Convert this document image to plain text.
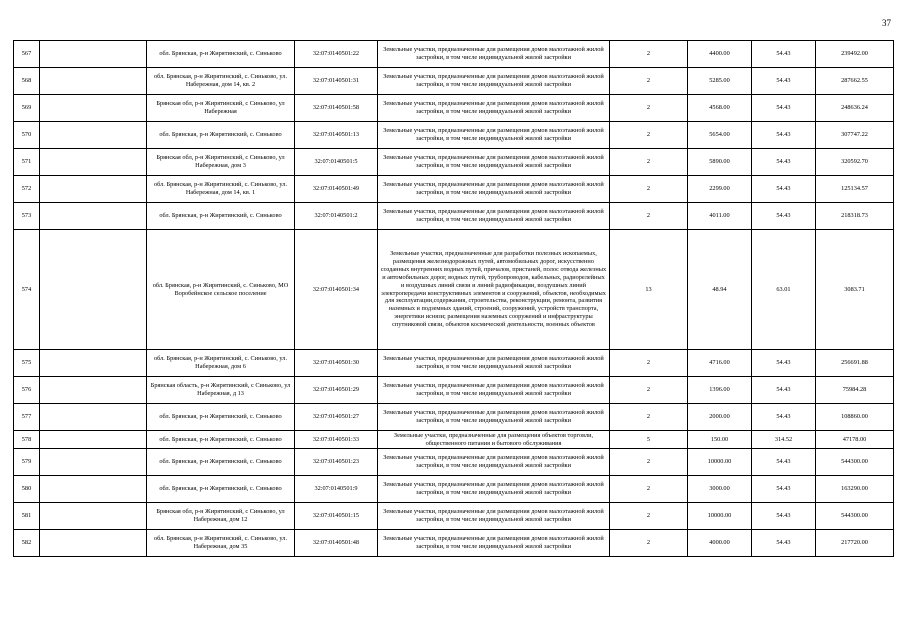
37
567		обл. Брянская, р-н Жирятинский, с. Синьково	32:07:0140501:22	Земельные участки, предназначенные для размещения домов малоэтажной жилой застройки, в том числе индивидуальной жилой застройки	2	4400.00	54.43	239492.00
568		обл. Брянская, р-н Жирятинский, с. Синьково, ул. Набережная, дом 14, кв. 2	32:07:0140501:31	Земельные участки, предназначенные для размещения домов малоэтажной жилой застройки, в том числе индивидуальной жилой застройки	2	5285.00	54.43	287662.55
569		Брянская обл, р-н Жирятинский, с Синьково, ул Набережная	32:07:0140501:58	Земельные участки, предназначенные для размещения домов малоэтажной жилой застройки, в том числе индивидуальной жилой застройки	2	4568.00	54.43	248636.24
570		обл. Брянская, р-н Жирятинский, с. Синьково	32:07:0140501:13	Земельные участки, предназначенные для размещения домов малоэтажной жилой застройки, в том числе индивидуальной жилой застройки	2	5654.00	54.43	307747.22
571		Брянская обл, р-н Жирятинский, с Синьково, ул Набережная, дом 3	32:07:0140501:5	Земельные участки, предназначенные для размещения домов малоэтажной жилой застройки, в том числе индивидуальной жилой застройки	2	5890.00	54.43	320592.70
572		обл. Брянская, р-н Жирятинский, с. Синьково, ул. Набережная, дом 14, кв. 1	32:07:0140501:49	Земельные участки, предназначенные для размещения домов малоэтажной жилой застройки, в том числе индивидуальной жилой застройки	2	2299.00	54.43	125134.57
573		обл. Брянская, р-н Жирятинский, с. Синьково	32:07:0140501:2	Земельные участки, предназначенные для размещения домов малоэтажной жилой застройки, в том числе индивидуальной жилой застройки	2	4011.00	54.43	218318.73
574		обл. Брянская, р-н Жирятинский, с. Синьково, МО Воробейнское сельское поселение	32:07:0140501:34	Земельные участки, предназначенные для разработки полезных ископаемых, размещения железнодорожных путей, автомобильных дорог, искусственно созданных внутренних водных путей, причалов, пристаней, полос отвода железных и автомобильных дорог, водных путей, трубопроводов, кабельных, радиорелейных и воздушных линий связи и линий радиофикации, воздушных линий электропередачи конструктивных элементов и сооружений, объектов, необходимых для эксплуатации,содержания, строительства, реконструкции, ремонта, развития наземных и подземных зданий, строений, сооружений, устройств транспорта, энергетики иснязи; размещения наземных сооружений и инфраструктуры спутниковой связи, объектов космической деятельности, военных объектов	13	48.94	63.01	3083.71
575		обл. Брянская, р-н Жирятинский, с. Синьково, ул. Набережная, дом 6	32:07:0140501:30	Земельные участки, предназначенные для размещения домов малоэтажной жилой застройки, в том числе индивидуальной жилой застройки	2	4716.00	54.43	256691.88
576		Брянская область, р-н Жирятинский, с Синьково, ул Набережная, д 13	32:07:0140501:29	Земельные участки, предназначенные для размещения домов малоэтажной жилой застройки, в том числе индивидуальной жилой застройки	2	1396.00	54.43	75984.28
577		обл. Брянская, р-н Жирятинский, с. Синьково	32:07:0140501:27	Земельные участки, предназначенные для размещения домов малоэтажной жилой застройки, в том числе индивидуальной жилой застройки	2	2000.00	54.43	108860.00
578		обл. Брянская, р-н Жирятинский, с. Синьково	32:07:0140501:33	Земельные участки, предназначенные для размещения объектов торговли, общественного питания и бытового обслуживания	5	150.00	314.52	47178.00
579		обл. Брянская, р-н Жирятинский, с. Синьково	32:07:0140501:23	Земельные участки, предназначенные для размещения домов малоэтажной жилой застройки, в том числе индивидуальной жилой застройки	2	10000.00	54.43	544300.00
580		обл. Брянская, р-н Жирятинский, с. Синьково	32:07:0140501:9	Земельные участки, предназначенные для размещения домов малоэтажной жилой застройки, в том числе индивидуальной жилой застройки	2	3000.00	54.43	163290.00
581		Брянская обл, р-н Жирятинский, с Синьково, ул Набережная, дом 12	32:07:0140501:15	Земельные участки, предназначенные для размещения домов малоэтажной жилой застройки, в том числе индивидуальной жилой застройки	2	10000.00	54.43	544300.00
582		обл. Брянская, р-н Жирятинский, с. Синьково, ул. Набережная, дом 35	32:07:0140501:48	Земельные участки, предназначенные для размещения домов малоэтажной жилой застройки, в том числе индивидуальной жилой застройки	2	4000.00	54.43	217720.00
